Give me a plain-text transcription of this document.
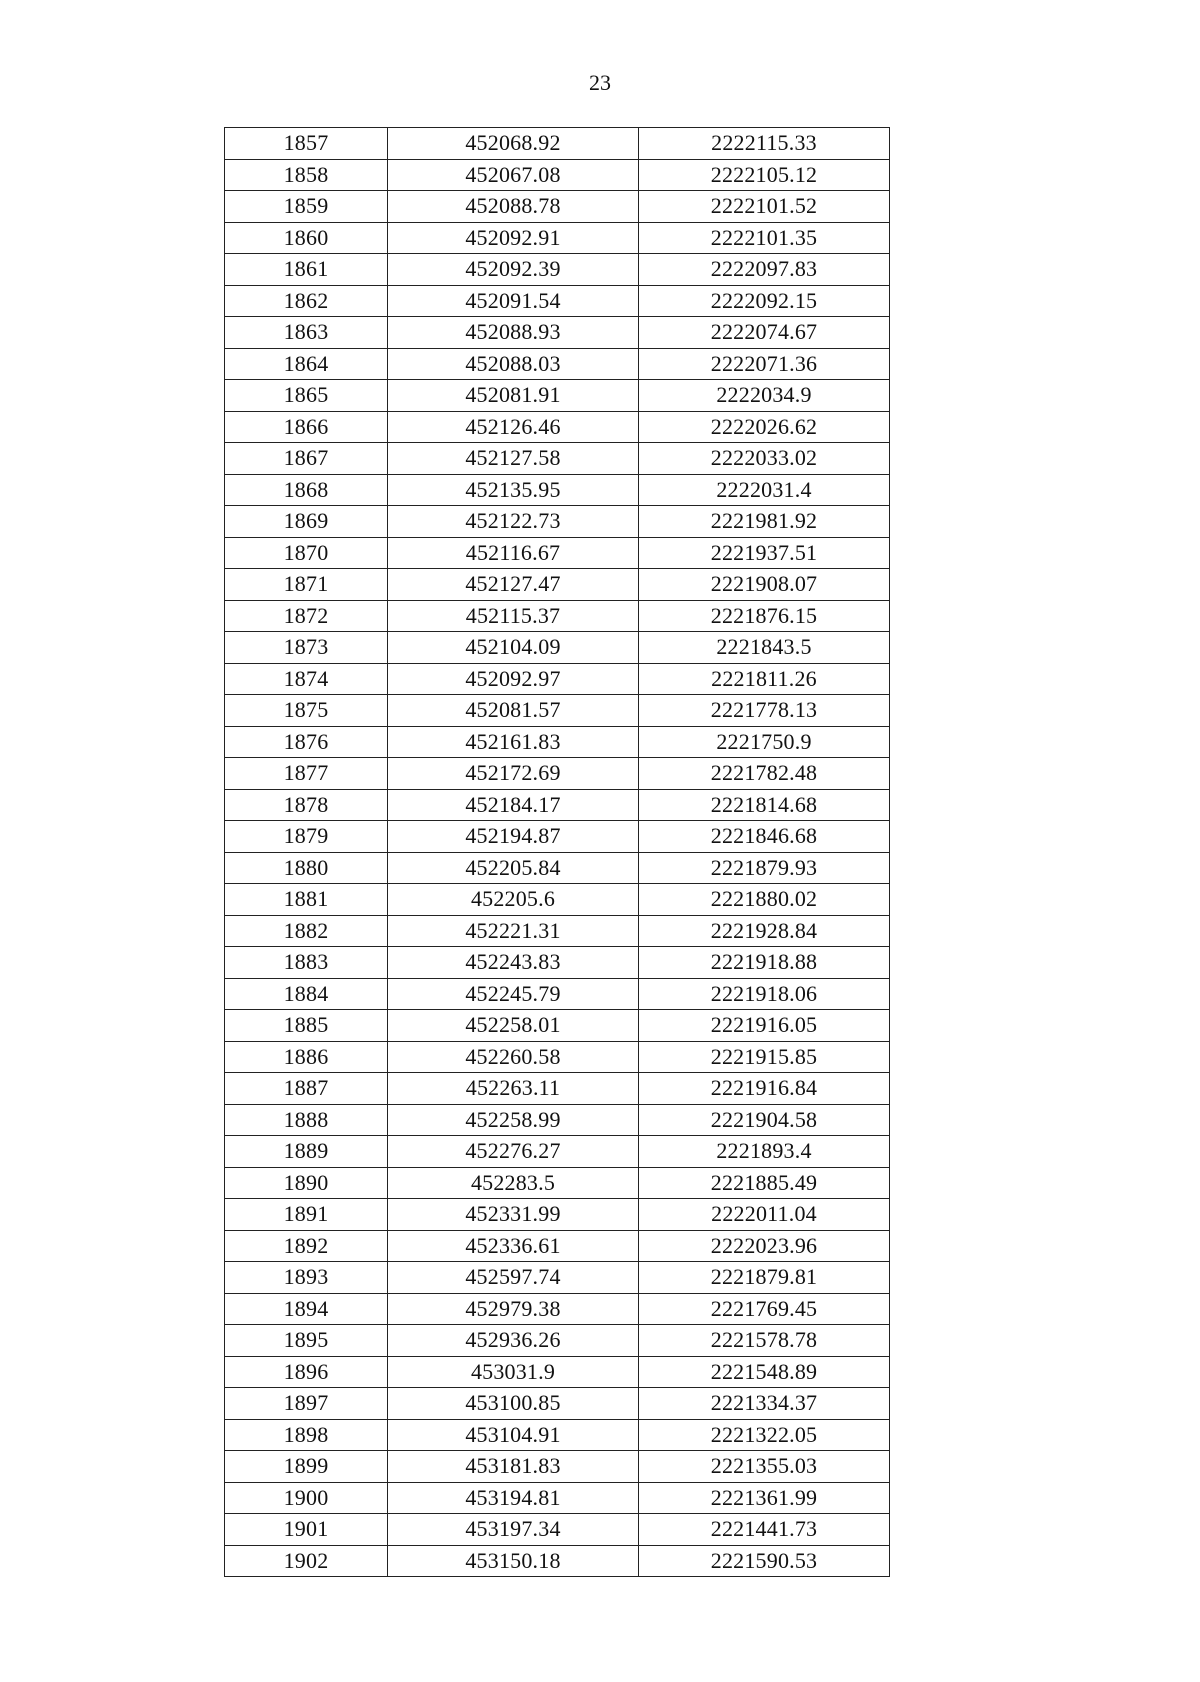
23
1857	452068.92	2222115.33
1858	452067.08	2222105.12
1859	452088.78	2222101.52
1860	452092.91	2222101.35
1861	452092.39	2222097.83
1862	452091.54	2222092.15
1863	452088.93	2222074.67
1864	452088.03	2222071.36
1865	452081.91	2222034.9
1866	452126.46	2222026.62
1867	452127.58	2222033.02
1868	452135.95	2222031.4
1869	452122.73	2221981.92
1870	452116.67	2221937.51
1871	452127.47	2221908.07
1872	452115.37	2221876.15
1873	452104.09	2221843.5
1874	452092.97	2221811.26
1875	452081.57	2221778.13
1876	452161.83	2221750.9
1877	452172.69	2221782.48
1878	452184.17	2221814.68
1879	452194.87	2221846.68
1880	452205.84	2221879.93
1881	452205.6	2221880.02
1882	452221.31	2221928.84
1883	452243.83	2221918.88
1884	452245.79	2221918.06
1885	452258.01	2221916.05
1886	452260.58	2221915.85
1887	452263.11	2221916.84
1888	452258.99	2221904.58
1889	452276.27	2221893.4
1890	452283.5	2221885.49
1891	452331.99	2222011.04
1892	452336.61	2222023.96
1893	452597.74	2221879.81
1894	452979.38	2221769.45
1895	452936.26	2221578.78
1896	453031.9	2221548.89
1897	453100.85	2221334.37
1898	453104.91	2221322.05
1899	453181.83	2221355.03
1900	453194.81	2221361.99
1901	453197.34	2221441.73
1902	453150.18	2221590.53
